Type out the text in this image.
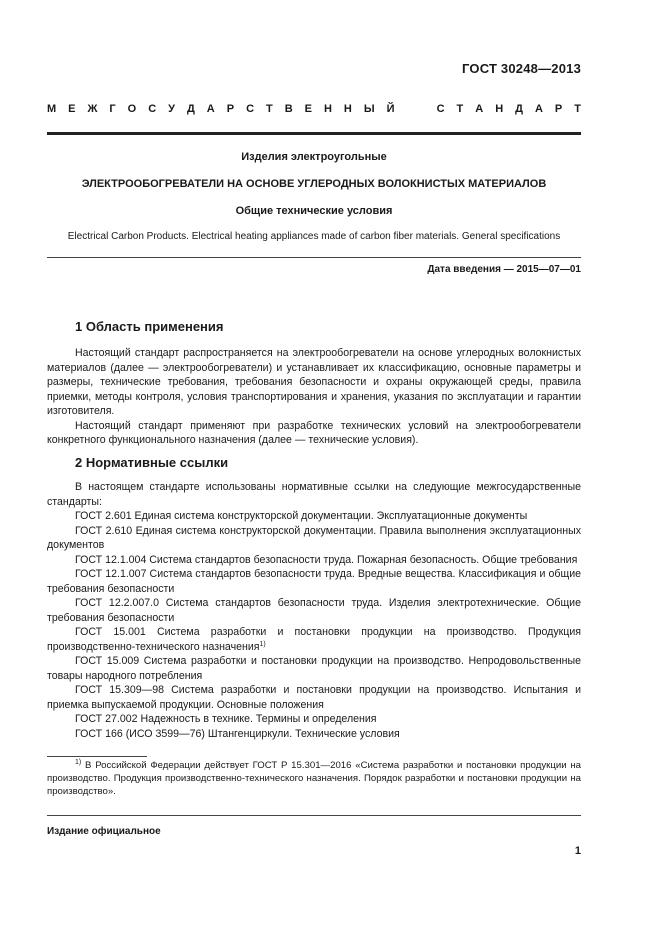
ГОСТ 30248—2013
М Е Ж Г О С У Д А Р С Т В Е Н Н Ы Й

	С Т А Н Д А Р Т
Изделия электроугольные
ЭЛЕКТРООБОГРЕВАТЕЛИ НА ОСНОВЕ УГЛЕРОДНЫХ ВОЛОКНИСТЫХ МАТЕРИАЛОВ
Общие технические условия
Electrical Carbon Products. Electrical heating appliances made of carbon fiber materials. General specifications
Дата введения — 2015—07—01
1 Область применения

Настоящий стандарт распространяется на электрообогреватели на основе углеродных волокнистых материалов (далее — электрообогреватели) и устанавливает их классификацию, основные параметры и размеры, технические требования, требования безопасности и охраны окружающей среды, правила приемки, методы контроля, условия транспортирования и хранения, указания по эксплуатации и гарантии изготовителя.

Настоящий стандарт применяют при разработке технических условий на электрообогреватели конкретного функционального назначения (далее — технические условия).

2 Нормативные ссылки

В настоящем стандарте использованы нормативные ссылки на следующие межгосударственные стандарты:

ГОСТ 2.601 Единая система конструкторской документации. Эксплуатационные документы

ГОСТ 2.610 Единая система конструкторской документации. Правила выполнения эксплуатационных документов

ГОСТ 12.1.004 Система стандартов безопасности труда. Пожарная безопасность. Общие требования

ГОСТ 12.1.007 Система стандартов безопасности труда. Вредные вещества. Классификация и общие требования безопасности

ГОСТ 12.2.007.0 Система стандартов безопасности труда. Изделия электротехнические. Общие требования безопасности

ГОСТ 15.001 Система разработки и постановки продукции на производство. Продукция производственно-технического назначения$^{1)}$

ГОСТ 15.009 Система разработки и постановки продукции на производство. Непродовольственные товары народного потребления

ГОСТ 15.309—98 Система разработки и постановки продукции на производство. Испытания и приемка выпускаемой продукции. Основные положения

ГОСТ 27.002 Надежность в технике. Термины и определения

ГОСТ 166 (ИСО 3599—76) Штангенциркули. Технические условия

$^{1)}$ В Российской Федерации действует ГОСТ Р 15.301—2016 «Система разработки и постановки продукции на производство. Продукция производственно-технического назначения. Порядок разработки и постановки продукции на производство».
Издание официальное
1
